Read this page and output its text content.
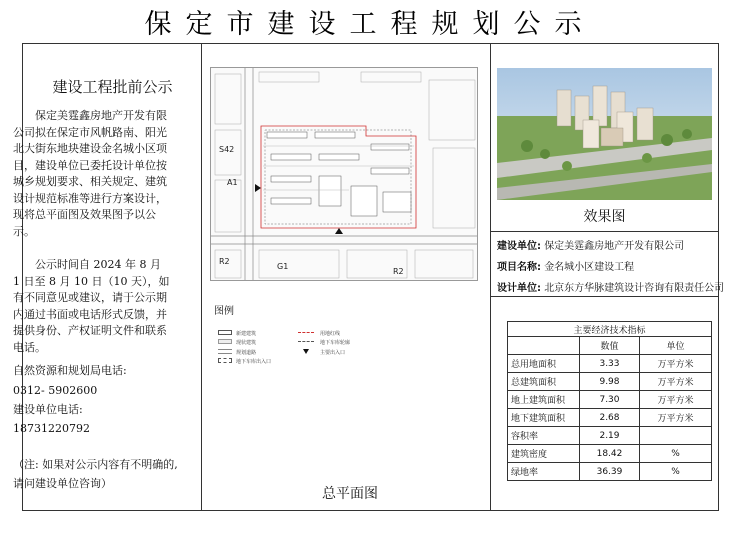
保定市建设工程规划公示
建设工程批前公示
保定美霆鑫房地产开发有限公司拟在保定市风帆路南、阳光北大街东地块建设金名城小区项目，建设单位已委托设计单位按城乡规划要求、相关规定、建筑设计规范标准等进行方案设计，现将总平面图及效果图予以公示。
公示时间自 2024 年 8 月 1 日至 8 月 10 日（10 天），如有不同意见或建议，请于公示期内通过书面或电话形式反馈，并提供身份、产权证明文件和联系电话。
自然资源和规划局电话:
0312- 5902600
建设单位电话:
18731220792
（注: 如果对公示内容有不明确的,
请问建设单位咨询）
S42
A1
R2
G1
R2
图例
新建建筑
现状建筑
规划道路
地下车库出入口
用地红线
地下车库轮廓
主要出入口
总平面图
效果图
建设单位: 保定美霆鑫房地产开发有限公司
项目名称: 金名城小区建设工程
设计单位: 北京东方华脉建筑设计咨询有限责任公司
主要经济技术指标		
	数值	单位
总用地面积	3.33	万平方米
总建筑面积	9.98	万平方米
地上建筑面积	7.30	万平方米
地下建筑面积	2.68	万平方米
容积率	2.19	
建筑密度	18.42	%
绿地率	36.39	%
